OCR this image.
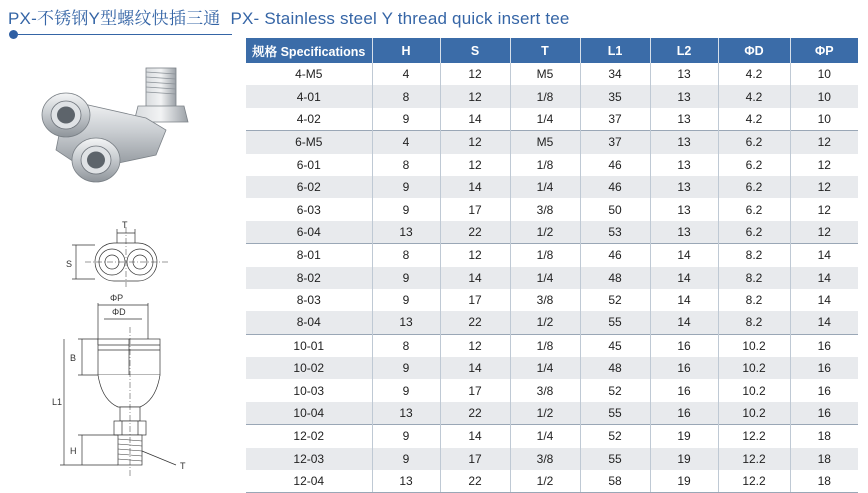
PX-不锈钢Y型螺纹快插三通 PX- Stainless steel Y thread quick insert tee
T
S
ΦP
ΦD
B
L1
H
T
规格 Specifications	H	S	T	L1	L2	ΦD	ΦP
4-M5	4	12	M5	34	13	4.2	10
4-01	8	12	1/8	35	13	4.2	10
4-02	9	14	1/4	37	13	4.2	10
6-M5	4	12	M5	37	13	6.2	12
6-01	8	12	1/8	46	13	6.2	12
6-02	9	14	1/4	46	13	6.2	12
6-03	9	17	3/8	50	13	6.2	12
6-04	13	22	1/2	53	13	6.2	12
8-01	8	12	1/8	46	14	8.2	14
8-02	9	14	1/4	48	14	8.2	14
8-03	9	17	3/8	52	14	8.2	14
8-04	13	22	1/2	55	14	8.2	14
10-01	8	12	1/8	45	16	10.2	16
10-02	9	14	1/4	48	16	10.2	16
10-03	9	17	3/8	52	16	10.2	16
10-04	13	22	1/2	55	16	10.2	16
12-02	9	14	1/4	52	19	12.2	18
12-03	9	17	3/8	55	19	12.2	18
12-04	13	22	1/2	58	19	12.2	18
